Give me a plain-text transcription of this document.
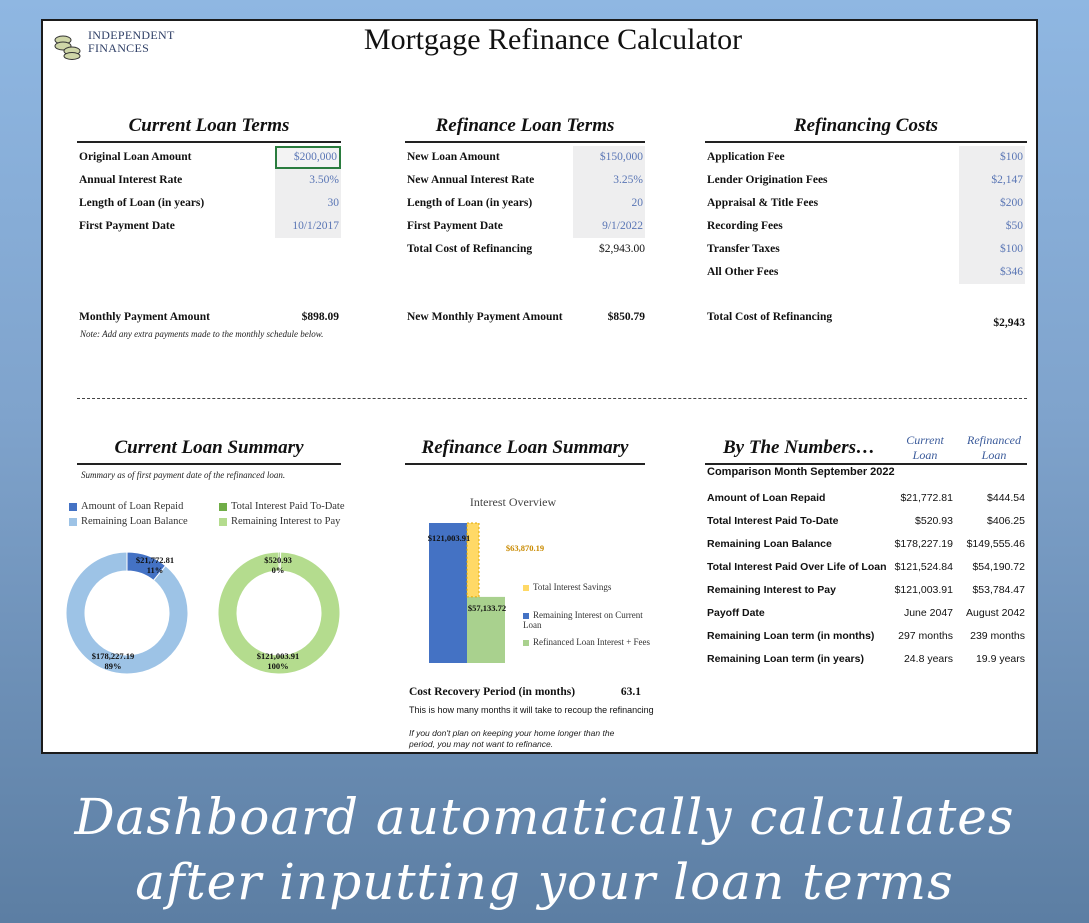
INDEPENDENT
FINANCES	Mortgage Refinance Calculator
Current Loan Terms
Original Loan Amount	$200,000
Annual Interest Rate	3.50%
Length of Loan (in years)	30
First Payment Date	10/1/2017
Monthly Payment Amount	$898.09
Note: Add any extra payments made to the monthly schedule below.
Refinance Loan Terms
New Loan Amount	$150,000
New Annual Interest Rate	3.25%
Length of Loan (in years)	20
First Payment Date	9/1/2022
Total Cost of Refinancing	$2,943.00
New Monthly Payment Amount	$850.79
Refinancing Costs
Application Fee	$100
Lender Origination Fees	$2,147
Appraisal & Title Fees	$200
Recording Fees	$50
Transfer Taxes	$100
All Other Fees	$346
Total Cost of Refinancing	$2,943
Current Loan Summary
Summary as of first payment date of the refinanced loan.
Amount of Loan Repaid
Remaining Loan Balance
Total Interest Paid To-Date
Remaining Interest to Pay
$21,772.81
11%
$178,227.19
89%
$520.93
0%
$121,003.91
100%
Refinance Loan Summary
Interest Overview
$121,003.91
$63,870.19
$57,133.72
Total Interest Savings
Remaining Interest on Current Loan
Refinanced Loan Interest + Fees
Cost Recovery Period (in months)	63.1
This is how many months it will take to recoup the refinancing
If you don't plan on keeping your home longer than the period, you may not want to refinance.
By The Numbers…	Current Loan
Refinanced Loan
Comparison Month September 2022
Amount of Loan Repaid	$21,772.81	$444.54
Total Interest Paid To-Date	$520.93	$406.25
Remaining Loan Balance	$178,227.19 $149,555.46
Total Interest Paid Over Life of Loan $121,524.84 $54,190.72
Remaining Interest to Pay	$121,003.91 $53,784.47
Payoff Date	June 2047 August 2042
Remaining Loan term (in months) 297 months 239 months
Remaining Loan term (in years)	24.8 years 19.9 years
Dashboard automatically calculates
after inputting your loan terms
